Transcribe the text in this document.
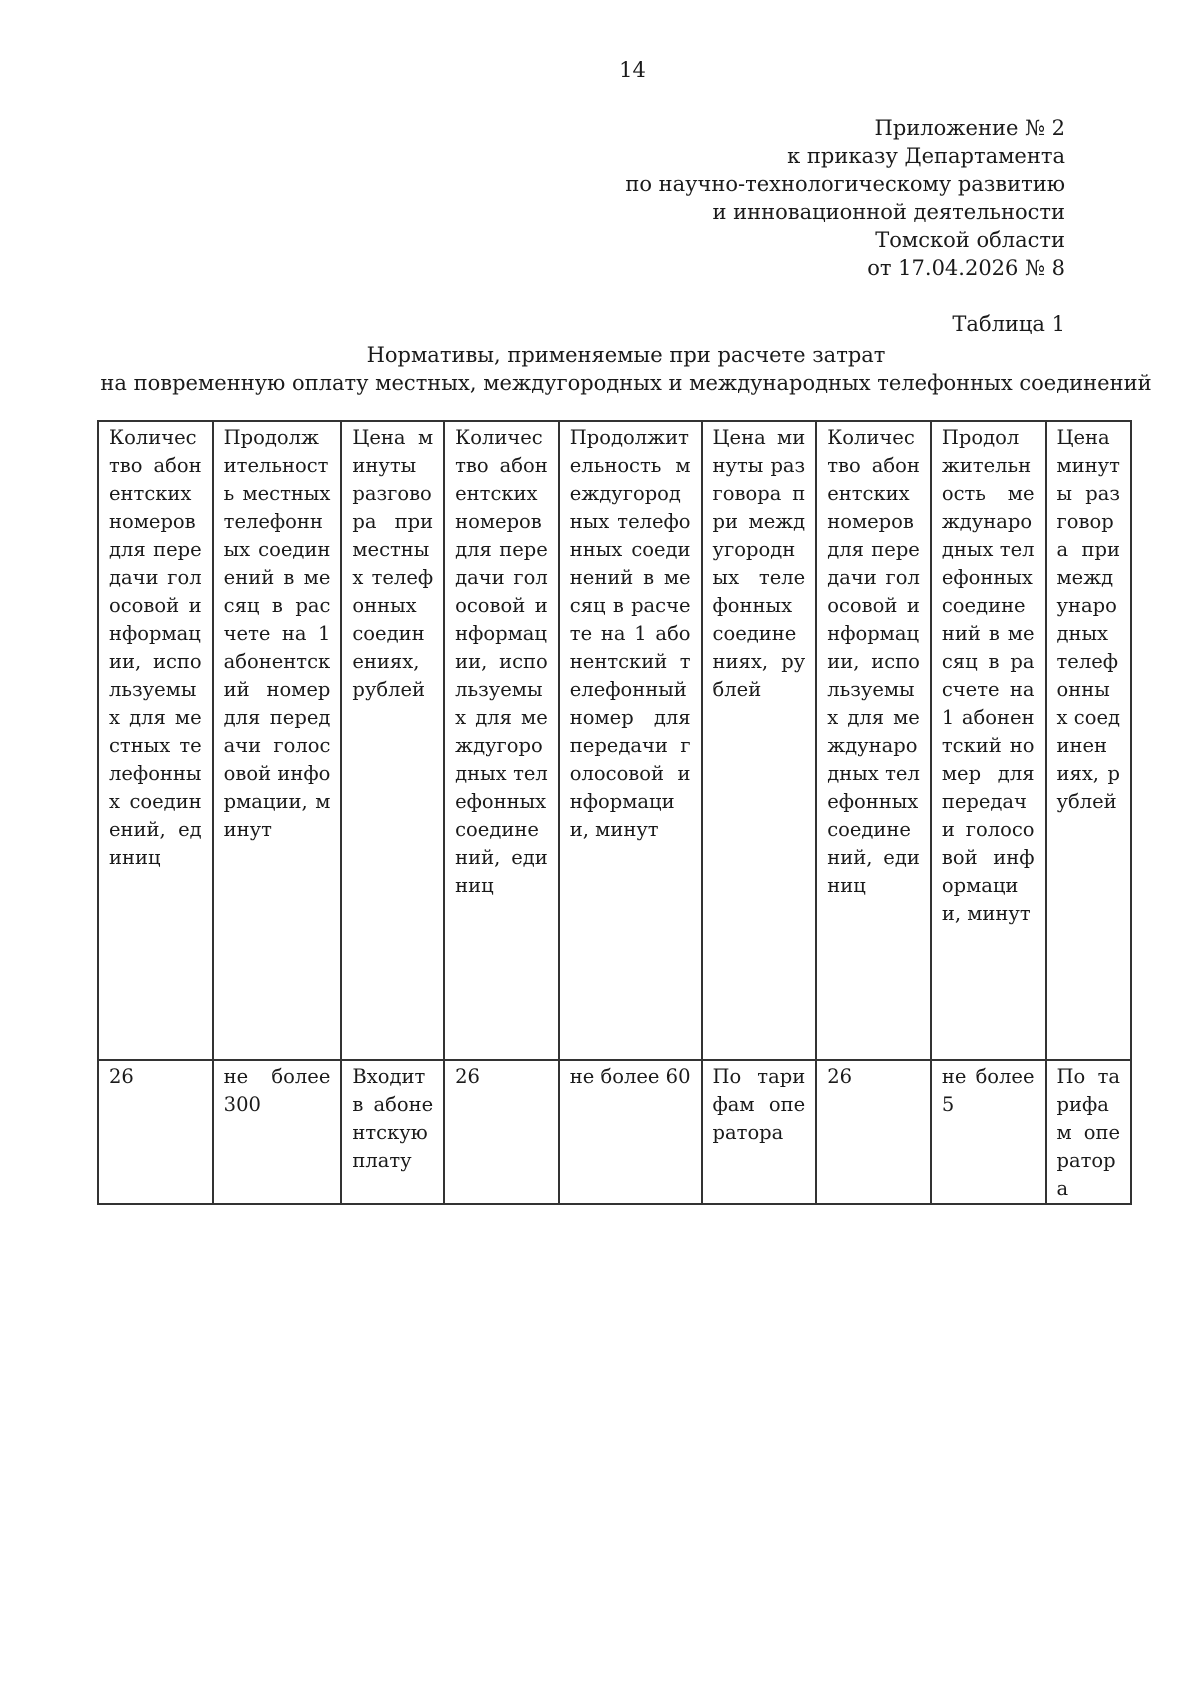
14
Приложение № 2
к приказу Департамента
по научно-технологическому развитию
и инновационной деятельности
Томской области
от 17.04.2026 № 8
Таблица 1
Нормативы, применяемые при расчете затрат
на повременную оплату местных, междугородных и международных телефонных соединений
Количество абонентских номеров для передачи голосовой информации, используемых для местных телефонных соединений, единиц	Продолжительность местных телефонных соединений в месяц в расчете на 1 абонентский номер для передачи голосовой информации, минут	Цена минуты разговора при местных телефонных соединениях, рублей	Количество абонентских номеров для передачи голосовой информации, используемых для междугородных телефонных соединений, единиц	Продолжительность междугородных телефонных соединений в месяц в расчете на 1 абонентский телефонный номер для передачи голосовой информации, минут	Цена минуты разговора при междугородных телефонных соединениях, рублей	Количество абонентских номеров для передачи голосовой информации, используемых для международных телефонных соединений, единиц	Продолжительность международных телефонных соединений в месяц в расчете на 1 абонентский номер для передачи голосовой информации, минут	Цена минуты разговора при международных телефонных соединениях, рублей
26	не более 300	Входит в абонентскую плату	26	не более 60	По тарифам оператора	26	не более 5	По тарифам оператора
